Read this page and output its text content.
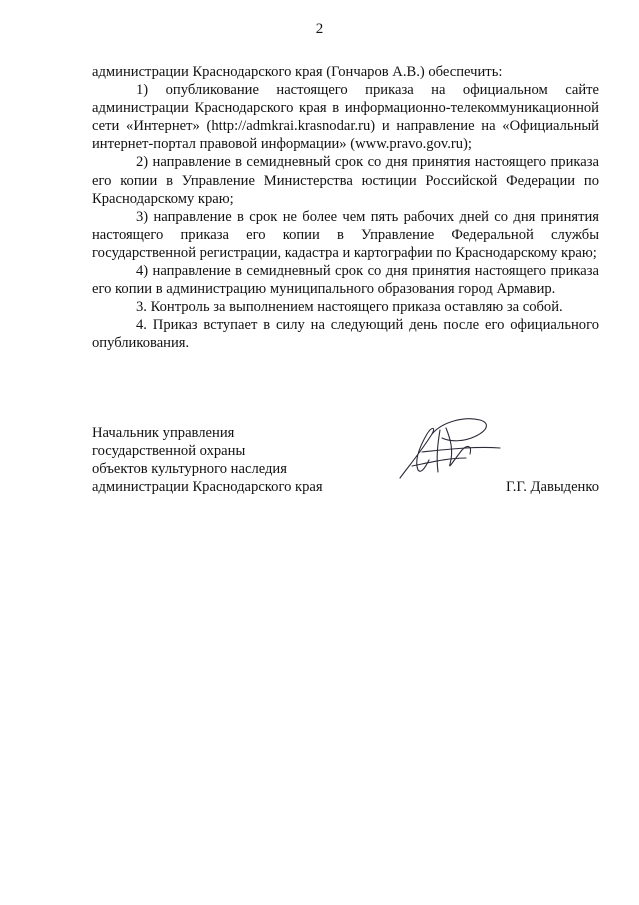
2

администрации Краснодарского края (Гончаров А.В.) обеспечить:

1) опубликование настоящего приказа на официальном сайте администрации Краснодарского края в информационно-телекоммуникационной сети «Интернет» (http://admkrai.krasnodar.ru) и направление на «Официальный интернет-портал правовой информации» (www.pravo.gov.ru);

2) направление в семидневный срок со дня принятия настоящего приказа его копии в Управление Министерства юстиции Российской Федерации по Краснодарскому краю;

3) направление в срок не более чем пять рабочих дней со дня принятия настоящего приказа его копии в Управление Федеральной службы государственной регистрации, кадастра и картографии по Краснодарскому краю;

4) направление в семидневный срок со дня принятия настоящего приказа его копии в администрацию муниципального образования город Армавир.

3. Контроль за выполнением настоящего приказа оставляю за собой.

4. Приказ вступает в силу на следующий день после его официального опубликования.

Начальник управления
государственной охраны
объектов культурного наследия
администрации Краснодарского края	Г.Г. Давыденко
